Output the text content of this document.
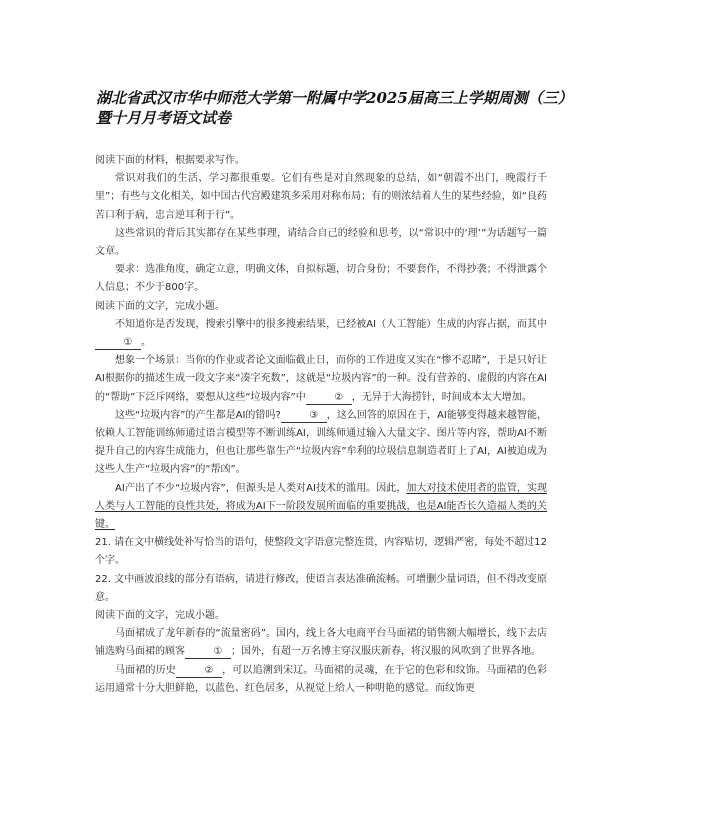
湖北省武汉市华中师范大学第一附属中学2025届高三上学期周测（三）
暨十月月考语文试卷

阅读下面的材料，根据要求写作。

常识对我们的生活、学习都很重要。它们有些是对自然现象的总结，如“朝霞不出门，晚霞行千里”；有些与文化相关，如中国古代宫殿建筑多采用对称布局；有的则浓结着人生的某些经验，如“良药苦口利于病，忠言逆耳利于行”。

这些常识的背后其实都存在某些事理，请结合自己的经验和思考，以“常识中的‘理’”为话题写一篇文章。

要求：选准角度，确定立意，明确文体，自拟标题，切合身份；不要套作，不得抄袭；不得泄露个人信息；不少于800字。

阅读下面的文字，完成小题。

不知道你是否发现，搜索引擎中的很多搜索结果，已经被AI（人工智能）生成的内容占据，而其中① 。

想象一个场景：当你的作业或者论文面临截止日，而你的工作进度又实在“惨不忍睹”，于是只好让AI根据你的描述生成一段文字来“凑字充数”，这就是“垃圾内容”的一种。没有营养的、虚假的内容在AI的“帮助”下泛斥网络，要想从这些“垃圾内容”中	② ，无异于大海捞针，时间成本太大增加。

这些“垃圾内容”的产生都是AI的错吗?	③ ，这么回答的原因在于，AI能够变得越来越智能，依赖人工智能训练师通过语言模型等不断训练AI，训练师通过输入大量文字、图片等内容，帮助AI不断提升自己的内容生成能力，但也让那些靠生产“垃圾内容”牟利的垃圾信息制造者盯上了AI，AI被迫成为这些人生产“垃圾内容”的“帮凶”。

AI产出了不少“垃圾内容”，但源头是人类对AI技术的滥用。因此，加大对技术使用者的监管，实现人类与人工智能的良性共处，将成为AI下一阶段发展所面临的重要挑战，也是AI能否长久造福人类的关键。

21. 请在文中横线处补写恰当的语句，使整段文字语意完整连贯，内容贴切，逻辑严密，每处不超过12个字。

22. 文中画波浪线的部分有语病，请进行修改，使语言表达准确流畅。可增删少量词语，但不得改变原意。

阅读下面的文字，完成小题。

马面裙成了龙年新春的“流量密码”。国内，线上各大电商平台马面裙的销售额大幅增长，线下去店铺选购马面裙的顾客	① ；国外，有超一万名博主穿汉服庆新春，将汉服的风吹到了世界各地。

马面裙的历史	② ，可以追溯到宋辽。马面裙的灵魂，在于它的色彩和纹饰。马面裙的色彩运用通常十分大胆鲜艳，以蓝色、红色居多，从视觉上给人一种明艳的感觉。而纹饰更
